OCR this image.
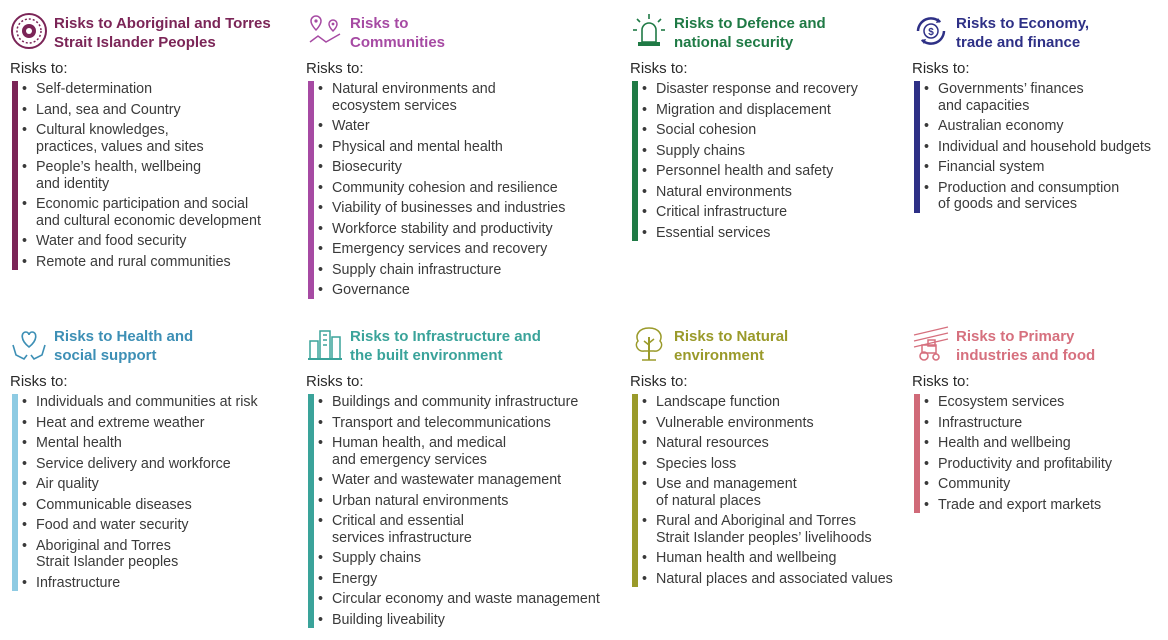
Risks to Aboriginal and Torres
Strait Islander Peoples
Risks to:
• Self-determination
• Land, sea and Country
• Cultural knowledges,
practices, values and sites
• People’s health, wellbeing
and identity
• Economic participation and social
and cultural economic development
• Water and food security
• Remote and rural communities
Risks to
Communities
Risks to:
• Natural environments and
ecosystem services
• Water
• Physical and mental health
• Biosecurity
• Community cohesion and resilience
• Viability of businesses and industries
• Workforce stability and productivity
• Emergency services and recovery
• Supply chain infrastructure
• Governance
Risks to Defence and
national security
Risks to:
• Disaster response and recovery
• Migration and displacement
• Social cohesion
• Supply chains
• Personnel health and safety
• Natural environments
• Critical infrastructure
• Essential services
$
Risks to Economy,
trade and finance
Risks to:
• Governments’ finances
and capacities
• Australian economy
• Individual and household budgets
• Financial system
• Production and consumption
of goods and services
Risks to Health and
social support
Risks to:
• Individuals and communities at risk
• Heat and extreme weather
• Mental health
• Service delivery and workforce
• Air quality
• Communicable diseases
• Food and water security
• Aboriginal and Torres
Strait Islander peoples
• Infrastructure
Risks to Infrastructure and
the built environment
Risks to:
• Buildings and community infrastructure
• Transport and telecommunications
• Human health, and medical
and emergency services
• Water and wastewater management
• Urban natural environments
• Critical and essential
services infrastructure
• Supply chains
• Energy
• Circular economy and waste management
• Building liveability
Risks to Natural
environment
Risks to:
• Landscape function
• Vulnerable environments
• Natural resources
• Species loss
• Use and management
of natural places
• Rural and Aboriginal and Torres
Strait Islander peoples’ livelihoods
• Human health and wellbeing
• Natural places and associated values
Risks to Primary
industries and food
Risks to:
• Ecosystem services
• Infrastructure
• Health and wellbeing
• Productivity and profitability
• Community
• Trade and export markets
